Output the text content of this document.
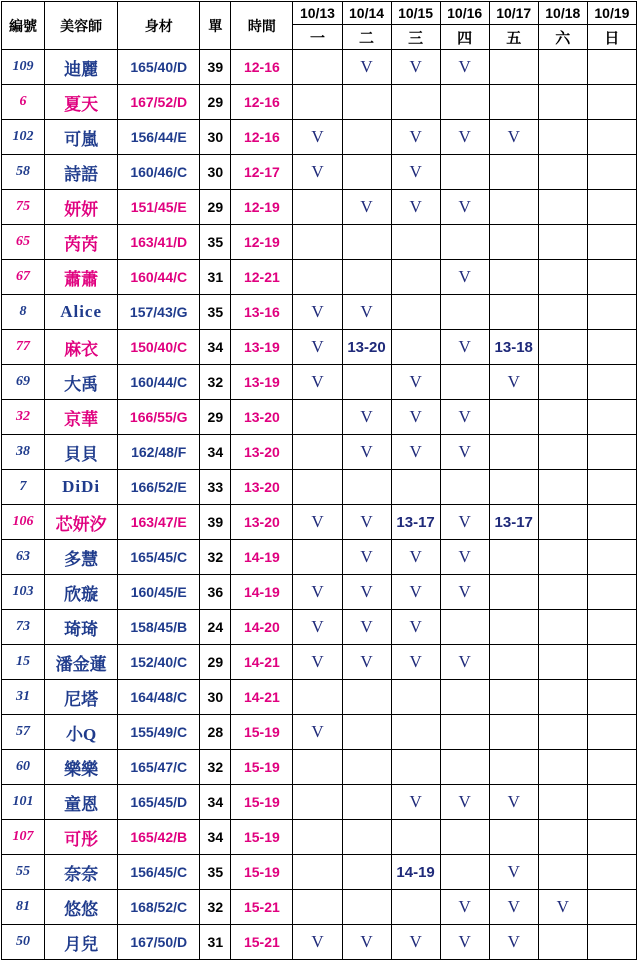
編號	美容師	身材	單	時間	10/13	10/14	10/15	10/16	10/17	10/18	10/19
					一	二	三	四	五	六	日
109	迪麗	165/40/D	39	12-16		V	V	V			
6	夏天	167/52/D	29	12-16							
102	可嵐	156/44/E	30	12-16	V		V	V	V		
58	詩語	160/46/C	30	12-17	V		V				
75	妍妍	151/45/E	29	12-19		V	V	V			
65	芮芮	163/41/D	35	12-19							
67	蕭蕭	160/44/C	31	12-21				V			
8	Alice	157/43/G	35	13-16	V	V					
77	麻衣	150/40/C	34	13-19	V	13-20		V	13-18		
69	大禹	160/44/C	32	13-19	V		V		V		
32	京華	166/55/G	29	13-20		V	V	V			
38	貝貝	162/48/F	34	13-20		V	V	V			
7	DiDi	166/52/E	33	13-20							
106	芯妍汐	163/47/E	39	13-20	V	V	13-17	V	13-17		
63	多慧	165/45/C	32	14-19		V	V	V			
103	欣璇	160/45/E	36	14-19	V	V	V	V			
73	琦琦	158/45/B	24	14-20	V	V	V				
15	潘金蓮	152/40/C	29	14-21	V	V	V	V			
31	尼塔	164/48/C	30	14-21							
57	小Q	155/49/C	28	15-19	V						
60	樂樂	165/47/C	32	15-19							
101	童恩	165/45/D	34	15-19			V	V	V		
107	可彤	165/42/B	34	15-19							
55	奈奈	156/45/C	35	15-19			14-19		V		
81	悠悠	168/52/C	32	15-21				V	V	V	
50	月兒	167/50/D	31	15-21	V	V	V	V	V		
